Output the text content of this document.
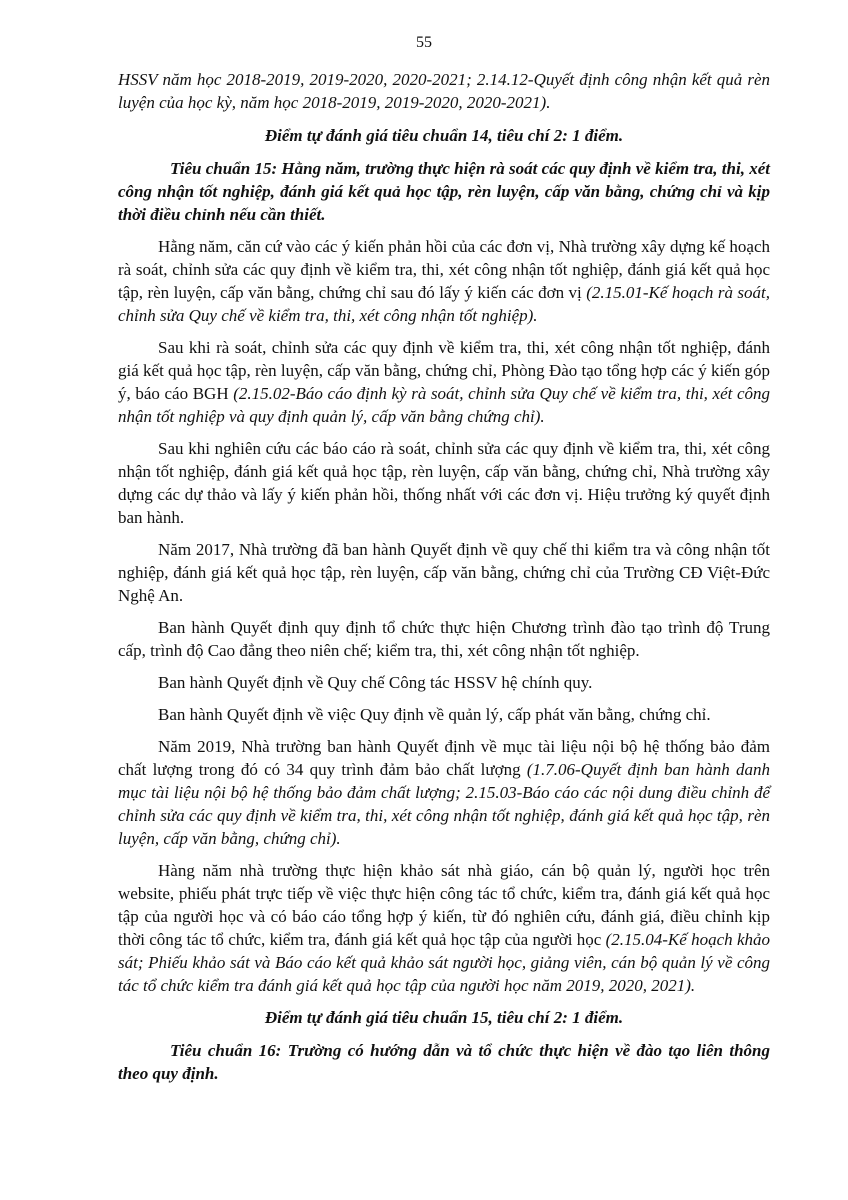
55

HSSV năm học 2018-2019, 2019-2020, 2020-2021; 2.14.12-Quyết định công nhận kết quả rèn luyện của học kỳ, năm học 2018-2019, 2019-2020, 2020-2021).

Điểm tự đánh giá tiêu chuẩn 14, tiêu chí 2: 1 điểm.

Tiêu chuẩn 15: Hằng năm, trường thực hiện rà soát các quy định về kiểm tra, thi, xét công nhận tốt nghiệp, đánh giá kết quả học tập, rèn luyện, cấp văn bằng, chứng chỉ và kịp thời điều chỉnh nếu cần thiết.

Hằng năm, căn cứ vào các ý kiến phản hồi của các đơn vị, Nhà trường xây dựng kế hoạch rà soát, chỉnh sửa các quy định về kiểm tra, thi, xét công nhận tốt nghiệp, đánh giá kết quả học tập, rèn luyện, cấp văn bằng, chứng chỉ sau đó lấy ý kiến các đơn vị (2.15.01-Kế hoạch rà soát, chỉnh sửa Quy chế về kiểm tra, thi, xét công nhận tốt nghiệp).

Sau khi rà soát, chỉnh sửa các quy định về kiểm tra, thi, xét công nhận tốt nghiệp, đánh giá kết quả học tập, rèn luyện, cấp văn bằng, chứng chỉ, Phòng Đào tạo tổng hợp các ý kiến góp ý, báo cáo BGH (2.15.02-Báo cáo định kỳ rà soát, chỉnh sửa Quy chế về kiểm tra, thi, xét công nhận tốt nghiệp và quy định quản lý, cấp văn bằng chứng chỉ).

Sau khi nghiên cứu các báo cáo rà soát, chỉnh sửa các quy định về kiểm tra, thi, xét công nhận tốt nghiệp, đánh giá kết quả học tập, rèn luyện, cấp văn bằng, chứng chỉ, Nhà trường xây dựng các dự thảo và lấy ý kiến phản hồi, thống nhất với các đơn vị. Hiệu trưởng ký quyết định ban hành.

Năm 2017, Nhà trường đã ban hành Quyết định về quy chế thi kiểm tra và công nhận tốt nghiệp, đánh giá kết quả học tập, rèn luyện, cấp văn bằng, chứng chỉ của Trường CĐ Việt-Đức Nghệ An.

Ban hành Quyết định quy định tổ chức thực hiện Chương trình đào tạo trình độ Trung cấp, trình độ Cao đẳng theo niên chế; kiểm tra, thi, xét công nhận tốt nghiệp.

Ban hành Quyết định về Quy chế Công tác HSSV hệ chính quy.

Ban hành Quyết định về việc Quy định về quản lý, cấp phát văn bằng, chứng chỉ.

Năm 2019, Nhà trường ban hành Quyết định về mục tài liệu nội bộ hệ thống bảo đảm chất lượng trong đó có 34 quy trình đảm bảo chất lượng (1.7.06-Quyết định ban hành danh mục tài liệu nội bộ hệ thống bảo đảm chất lượng; 2.15.03-Báo cáo các nội dung điều chỉnh để chỉnh sửa các quy định về kiểm tra, thi, xét công nhận tốt nghiệp, đánh giá kết quả học tập, rèn luyện, cấp văn bằng, chứng chỉ).

Hàng năm nhà trường thực hiện khảo sát nhà giáo, cán bộ quản lý, người học trên website, phiếu phát trực tiếp về việc thực hiện công tác tổ chức, kiểm tra, đánh giá kết quả học tập của người học và có báo cáo tổng hợp ý kiến, từ đó nghiên cứu, đánh giá, điều chỉnh kịp thời công tác tổ chức, kiểm tra, đánh giá kết quả học tập của người học (2.15.04-Kế hoạch khảo sát; Phiếu khảo sát và Báo cáo kết quả khảo sát người học, giảng viên, cán bộ quản lý về công tác tổ chức kiểm tra đánh giá kết quả học tập của người học năm 2019, 2020, 2021).

Điểm tự đánh giá tiêu chuẩn 15, tiêu chí 2: 1 điểm.

Tiêu chuẩn 16: Trường có hướng dẫn và tổ chức thực hiện về đào tạo liên thông theo quy định.
